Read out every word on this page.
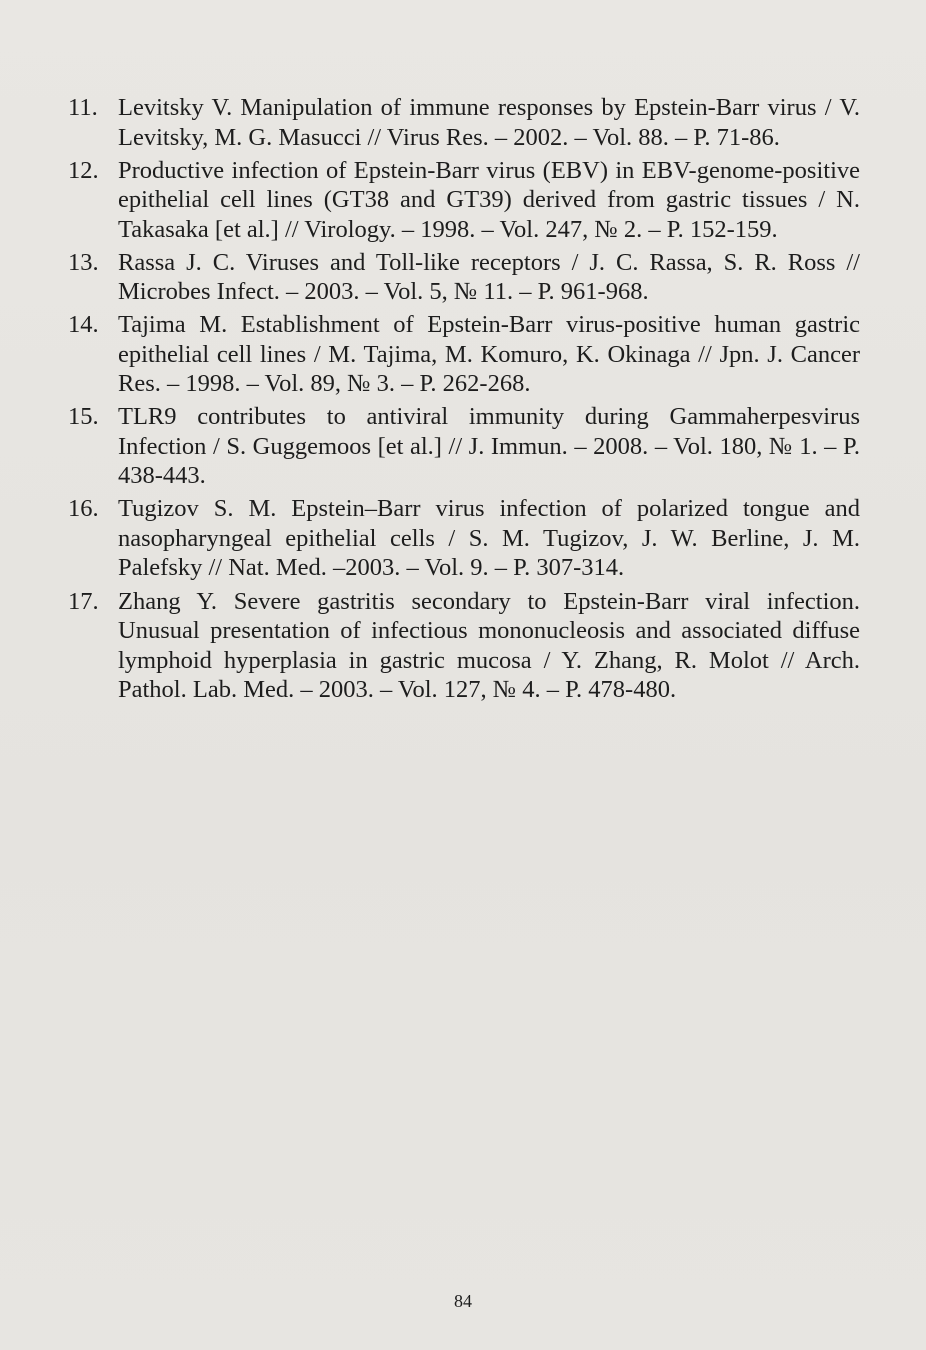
11. Levitsky V. Manipulation of immune responses by Epstein-Barr virus / V. Levitsky, M. G. Masucci // Virus Res. – 2002. – Vol. 88. – P. 71-86.
12. Productive infection of Epstein-Barr virus (EBV) in EBV-genome-positive epithelial cell lines (GT38 and GT39) derived from gastric tissues / N. Takasaka [et al.] // Virology. – 1998. – Vol. 247, № 2. – P. 152-159.
13. Rassa J. C. Viruses and Toll-like receptors / J. C. Rassa, S. R. Ross // Microbes Infect. – 2003. – Vol. 5, № 11. – P. 961-968.
14. Tajima M. Establishment of Epstein-Barr virus-positive human gastric epithelial cell lines / M. Tajima, M. Komuro, K. Okinaga // Jpn. J. Cancer Res. – 1998. – Vol. 89, № 3. – P. 262-268.
15. TLR9 contributes to antiviral immunity during Gammaherpesvirus Infection / S. Guggemoos [et al.] // J. Immun. – 2008. – Vol. 180, № 1. – P. 438-443.
16. Tugizov S. M. Epstein–Barr virus infection of polarized tongue and nasopharyngeal epithelial cells / S. M. Tugizov, J. W. Berline, J. M. Palefsky // Nat. Med. –2003. – Vol. 9. – P. 307-314.
17. Zhang Y. Severe gastritis secondary to Epstein-Barr viral infection. Unusual presentation of infectious mononucleosis and associated diffuse lymphoid hyperplasia in gastric mucosa / Y. Zhang, R. Molot // Arch. Pathol. Lab. Med. – 2003. – Vol. 127, № 4. – P. 478-480.
84
